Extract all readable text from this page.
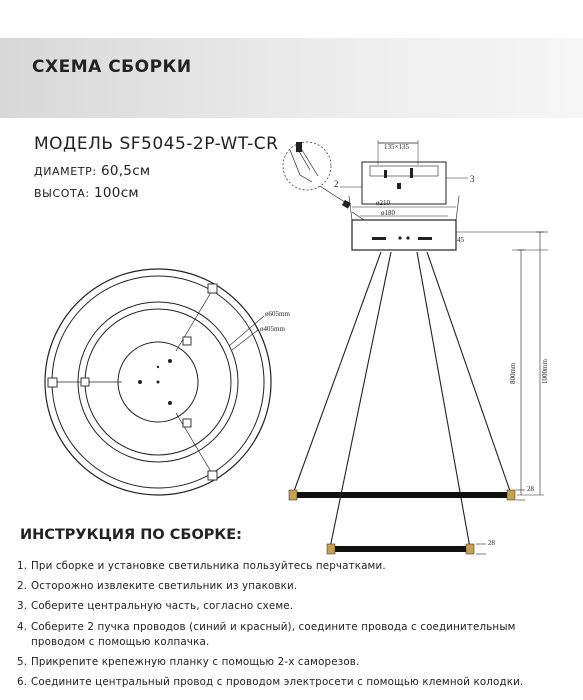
СХЕМА СБОРКИ
МОДЕЛЬ SF5045-2P-WT-CR
ДИАМЕТР: 60,5см
ВЫСОТА: 100см
ø605mm
ø405mm
135×135
ø210
ø180
45
2	3
28
28
800mm	1000mm
ИНСТРУКЦИЯ ПО СБОРКЕ:
1. При сборке и установке светильника пользуйтесь перчатками.
2. Осторожно извлеките светильник из упаковки.
3. Соберите центральную часть, согласно схеме.
4. Соберите 2 пучка проводов (синий и красный), соедините провода с соединительным
проводом с помощью колпачка.
5. Прикрепите крепежную планку с помощью 2-х саморезов.
6. Соедините центральный провод с проводом электросети с помощью клемной колодки.
